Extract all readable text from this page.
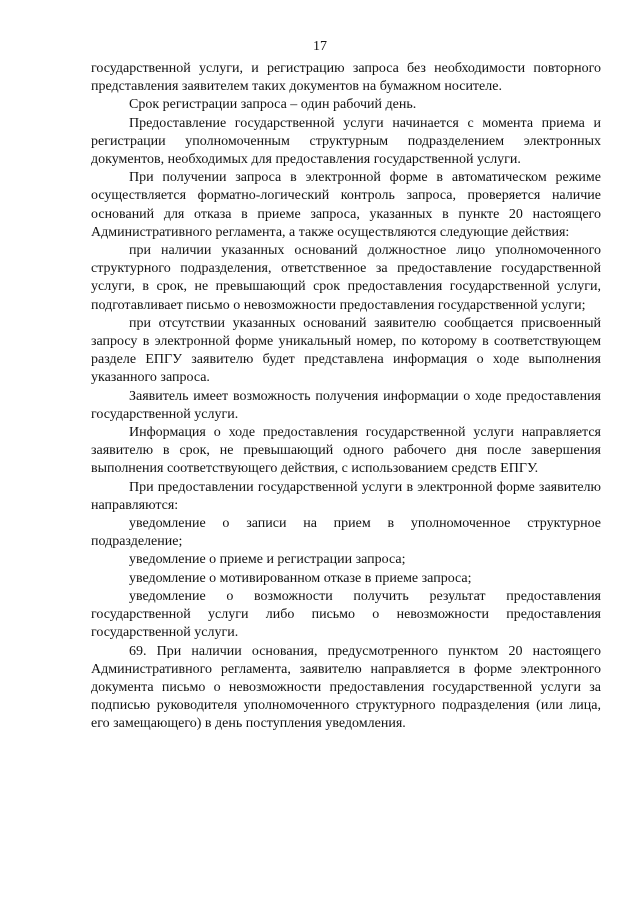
17

государственной услуги, и регистрацию запроса без необходимости повторного представления заявителем таких документов на бумажном носителе.

Срок регистрации запроса – один рабочий день.

Предоставление государственной услуги начинается с момента приема и регистрации уполномоченным структурным подразделением электронных документов, необходимых для предоставления государственной услуги.

При получении запроса в электронной форме в автоматическом режиме осуществляется форматно-логический контроль запроса, проверяется наличие оснований для отказа в приеме запроса, указанных в пункте 20 настоящего Административного регламента, а также осуществляются следующие действия:

при наличии указанных оснований должностное лицо уполномоченного структурного подразделения, ответственное за предоставление государственной услуги, в срок, не превышающий срок предоставления государственной услуги, подготавливает письмо о невозможности предоставления государственной услуги;

при отсутствии указанных оснований заявителю сообщается присвоенный запросу в электронной форме уникальный номер, по которому в соответствующем разделе ЕПГУ заявителю будет представлена информация о ходе выполнения указанного запроса.

Заявитель имеет возможность получения информации о ходе предоставления государственной услуги.

Информация о ходе предоставления государственной услуги направляется заявителю в срок, не превышающий одного рабочего дня после завершения выполнения соответствующего действия, с использованием средств ЕПГУ.

При предоставлении государственной услуги в электронной форме заявителю направляются:

уведомление о записи на прием в уполномоченное структурное подразделение;

уведомление о приеме и регистрации запроса;

уведомление о мотивированном отказе в приеме запроса;

уведомление о возможности получить результат предоставления государственной услуги либо письмо о невозможности предоставления государственной услуги.

69. При наличии основания, предусмотренного пунктом 20 настоящего Административного регламента, заявителю направляется в форме электронного документа письмо о невозможности предоставления государственной услуги за подписью руководителя уполномоченного структурного подразделения (или лица, его замещающего) в день поступления уведомления.
